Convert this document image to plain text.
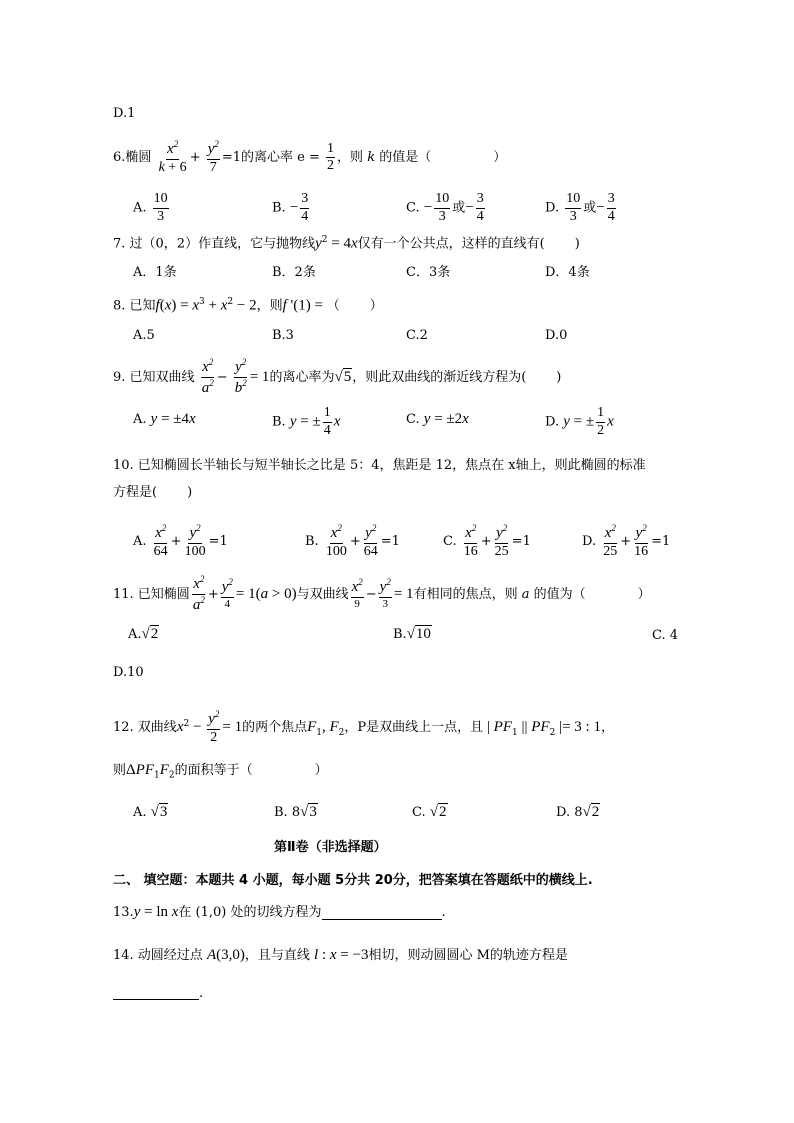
D.1
6.椭圆 $\frac{x^2}{k + 6} + \frac{y^2}{7} =1$的离心率 $e = \frac{1}{2}$ ，则 k 的值是（	）
A. $\frac{10}{3}$	B. − $\frac{3}{4}$	C. − $\frac{10}{3}$ 或− $\frac{3}{4}$	D. $\frac{10}{3}$ 或− $\frac{3}{4}$
7. 过（0，2）作直线，它与抛物线$y^2 = 4x$仅有一个公共点，这样的直线有( )
A．1条	B．2条	C．3条	D．4条
8. 已知$f(x) = x^3 + x^2 - 2$，则f '(1) = （ ）
A.5	B.3	C.2	D.0
9. 已知双曲线 $\frac{x^2}{a^2} - \frac{y^2}{b^2} = 1$的离心率为√5，则此双曲线的渐近线方程为( )
A. y = ±4x	B. y = ± $\frac{1}{4}$ x	C. y = ±2x	D. y = ± $\frac{1}{2}$ x
10. 已知椭圆长半轴长与短半轴长之比是 5：4，焦距是 12，焦点在 x轴上，则此椭圆的标准
方程是( )
A. $\frac{x^2}{64} + \frac{y^2}{100} =1$	B. $\frac{x^2}{100} + \frac{y^2}{64} =1$	C. $\frac{x^2}{16} + \frac{y^2}{25} =1$	D. $\frac{x^2}{25} + \frac{y^2}{16} =1$
11. 已知椭圆 $\frac{x^2}{a^2} + \frac{y^2}{4} = 1(a > 0)$与双曲线 $\frac{x^2}{9} - \frac{y^2}{3} = 1$有相同的焦点，则 a 的值为（	）
A.√2	B.√10	C. 4
D.10
12. 双曲线$x^2 - \frac{y^2}{2} = 1$的两个焦点$F_1$, $F_2$，P是双曲线上一点，且 | $PF_1$ || $PF_2$ |= 3 : 1，
则$\Delta PF_1F_2$的面积等于（	）
A. √3	B. 8√3	C. √2	D. 8√2
第Ⅱ卷（非选择题）
二、 填空题：本题共 4 小题，每小题 5分共 20分，把答案填在答题纸中的横线上.
13.y = ln x在 (1,0) 处的切线方程为	.
14. 动圆经过点 A(3,0)，且与直线 l : x = −3相切，则动圆圆心 M的轨迹方程是
.
